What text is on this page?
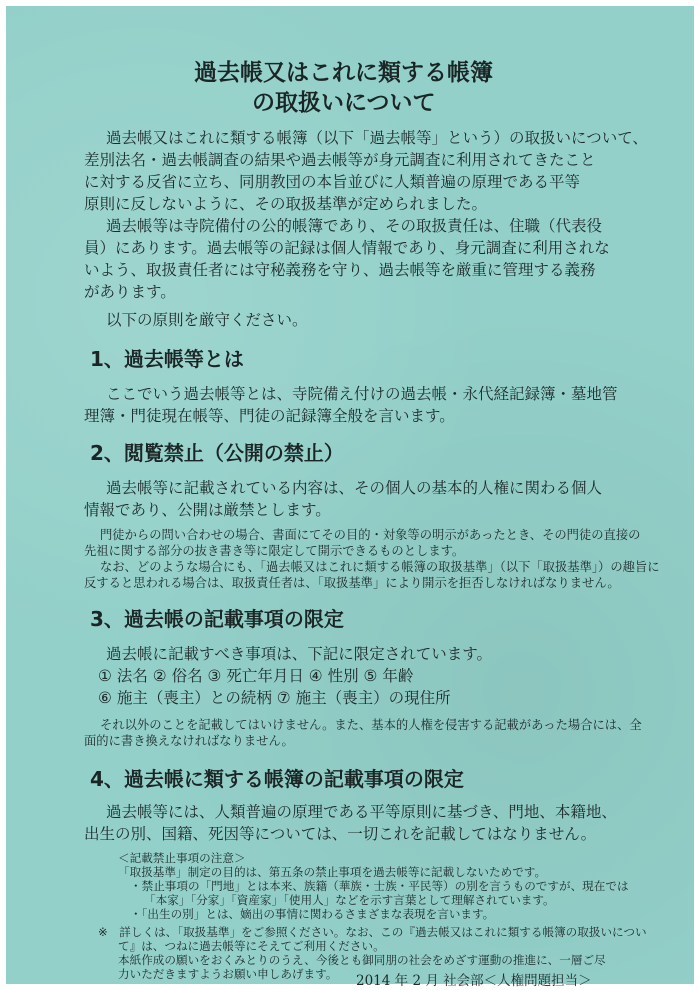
過去帳又はこれに類する帳簿
の取扱いについて
過去帳又はこれに類する帳簿（以下「過去帳等」という）の取扱いについて、
差別法名・過去帳調査の結果や過去帳等が身元調査に利用されてきたこと
に対する反省に立ち、同朋教団の本旨並びに人類普遍の原理である平等
原則に反しないように、その取扱基準が定められました。
過去帳等は寺院備付の公的帳簿であり、その取扱責任は、住職（代表役
員）にあります。過去帳等の記録は個人情報であり、身元調査に利用されな
いよう、取扱責任者には守秘義務を守り、過去帳等を厳重に管理する義務
があります。
以下の原則を厳守ください。
1、過去帳等とは
ここでいう過去帳等とは、寺院備え付けの過去帳・永代経記録簿・墓地管
理簿・門徒現在帳等、門徒の記録簿全般を言います。
2、閲覧禁止（公開の禁止）
過去帳等に記載されている内容は、その個人の基本的人権に関わる個人
情報であり、公開は厳禁とします。
門徒からの問い合わせの場合、書面にてその目的・対象等の明示があったとき、その門徒の直接の
先祖に関する部分の抜き書き等に限定して開示できるものとします。
なお、どのような場合にも、「過去帳又はこれに類する帳簿の取扱基準」（以下「取扱基準」）の趣旨に
反すると思われる場合は、取扱責任者は、「取扱基準」により開示を拒否しなければなりません。
3、過去帳の記載事項の限定
過去帳に記載すべき事項は、下記に限定されています。
① 法名 ② 俗名 ③ 死亡年月日 ④ 性別 ⑤ 年齢
⑥ 施主（喪主）との続柄 ⑦ 施主（喪主）の現住所
それ以外のことを記載してはいけません。また、基本的人権を侵害する記載があった場合には、全
面的に書き換えなければなりません。
4、過去帳に類する帳簿の記載事項の限定
過去帳等には、人類普遍の原理である平等原則に基づき、門地、本籍地、
出生の別、国籍、死因等については、一切これを記載してはなりません。
＜記載禁止事項の注意＞
「取扱基準」制定の目的は、第五条の禁止事項を過去帳等に記載しないためです。
・禁止事項の「門地」とは本来、族籍（華族・士族・平民等）の別を言うものですが、現在では
「本家」「分家」「資産家」「使用人」などを示す言葉として理解されています。
・「出生の別」とは、嫡出の事情に関わるさまざまな表現を言います。
※　詳しくは、「取扱基準」をご参照ください。なお、この『過去帳又はこれに類する帳簿の取扱いについ
て』は、つねに過去帳等にそえてご利用ください。
本紙作成の願いをおくみとりのうえ、今後とも御同朋の社会をめざす運動の推進に、一層ご尽
力いただきますようお願い申しあげます。 2014 年 2 月 社会部＜人権問題担当＞
